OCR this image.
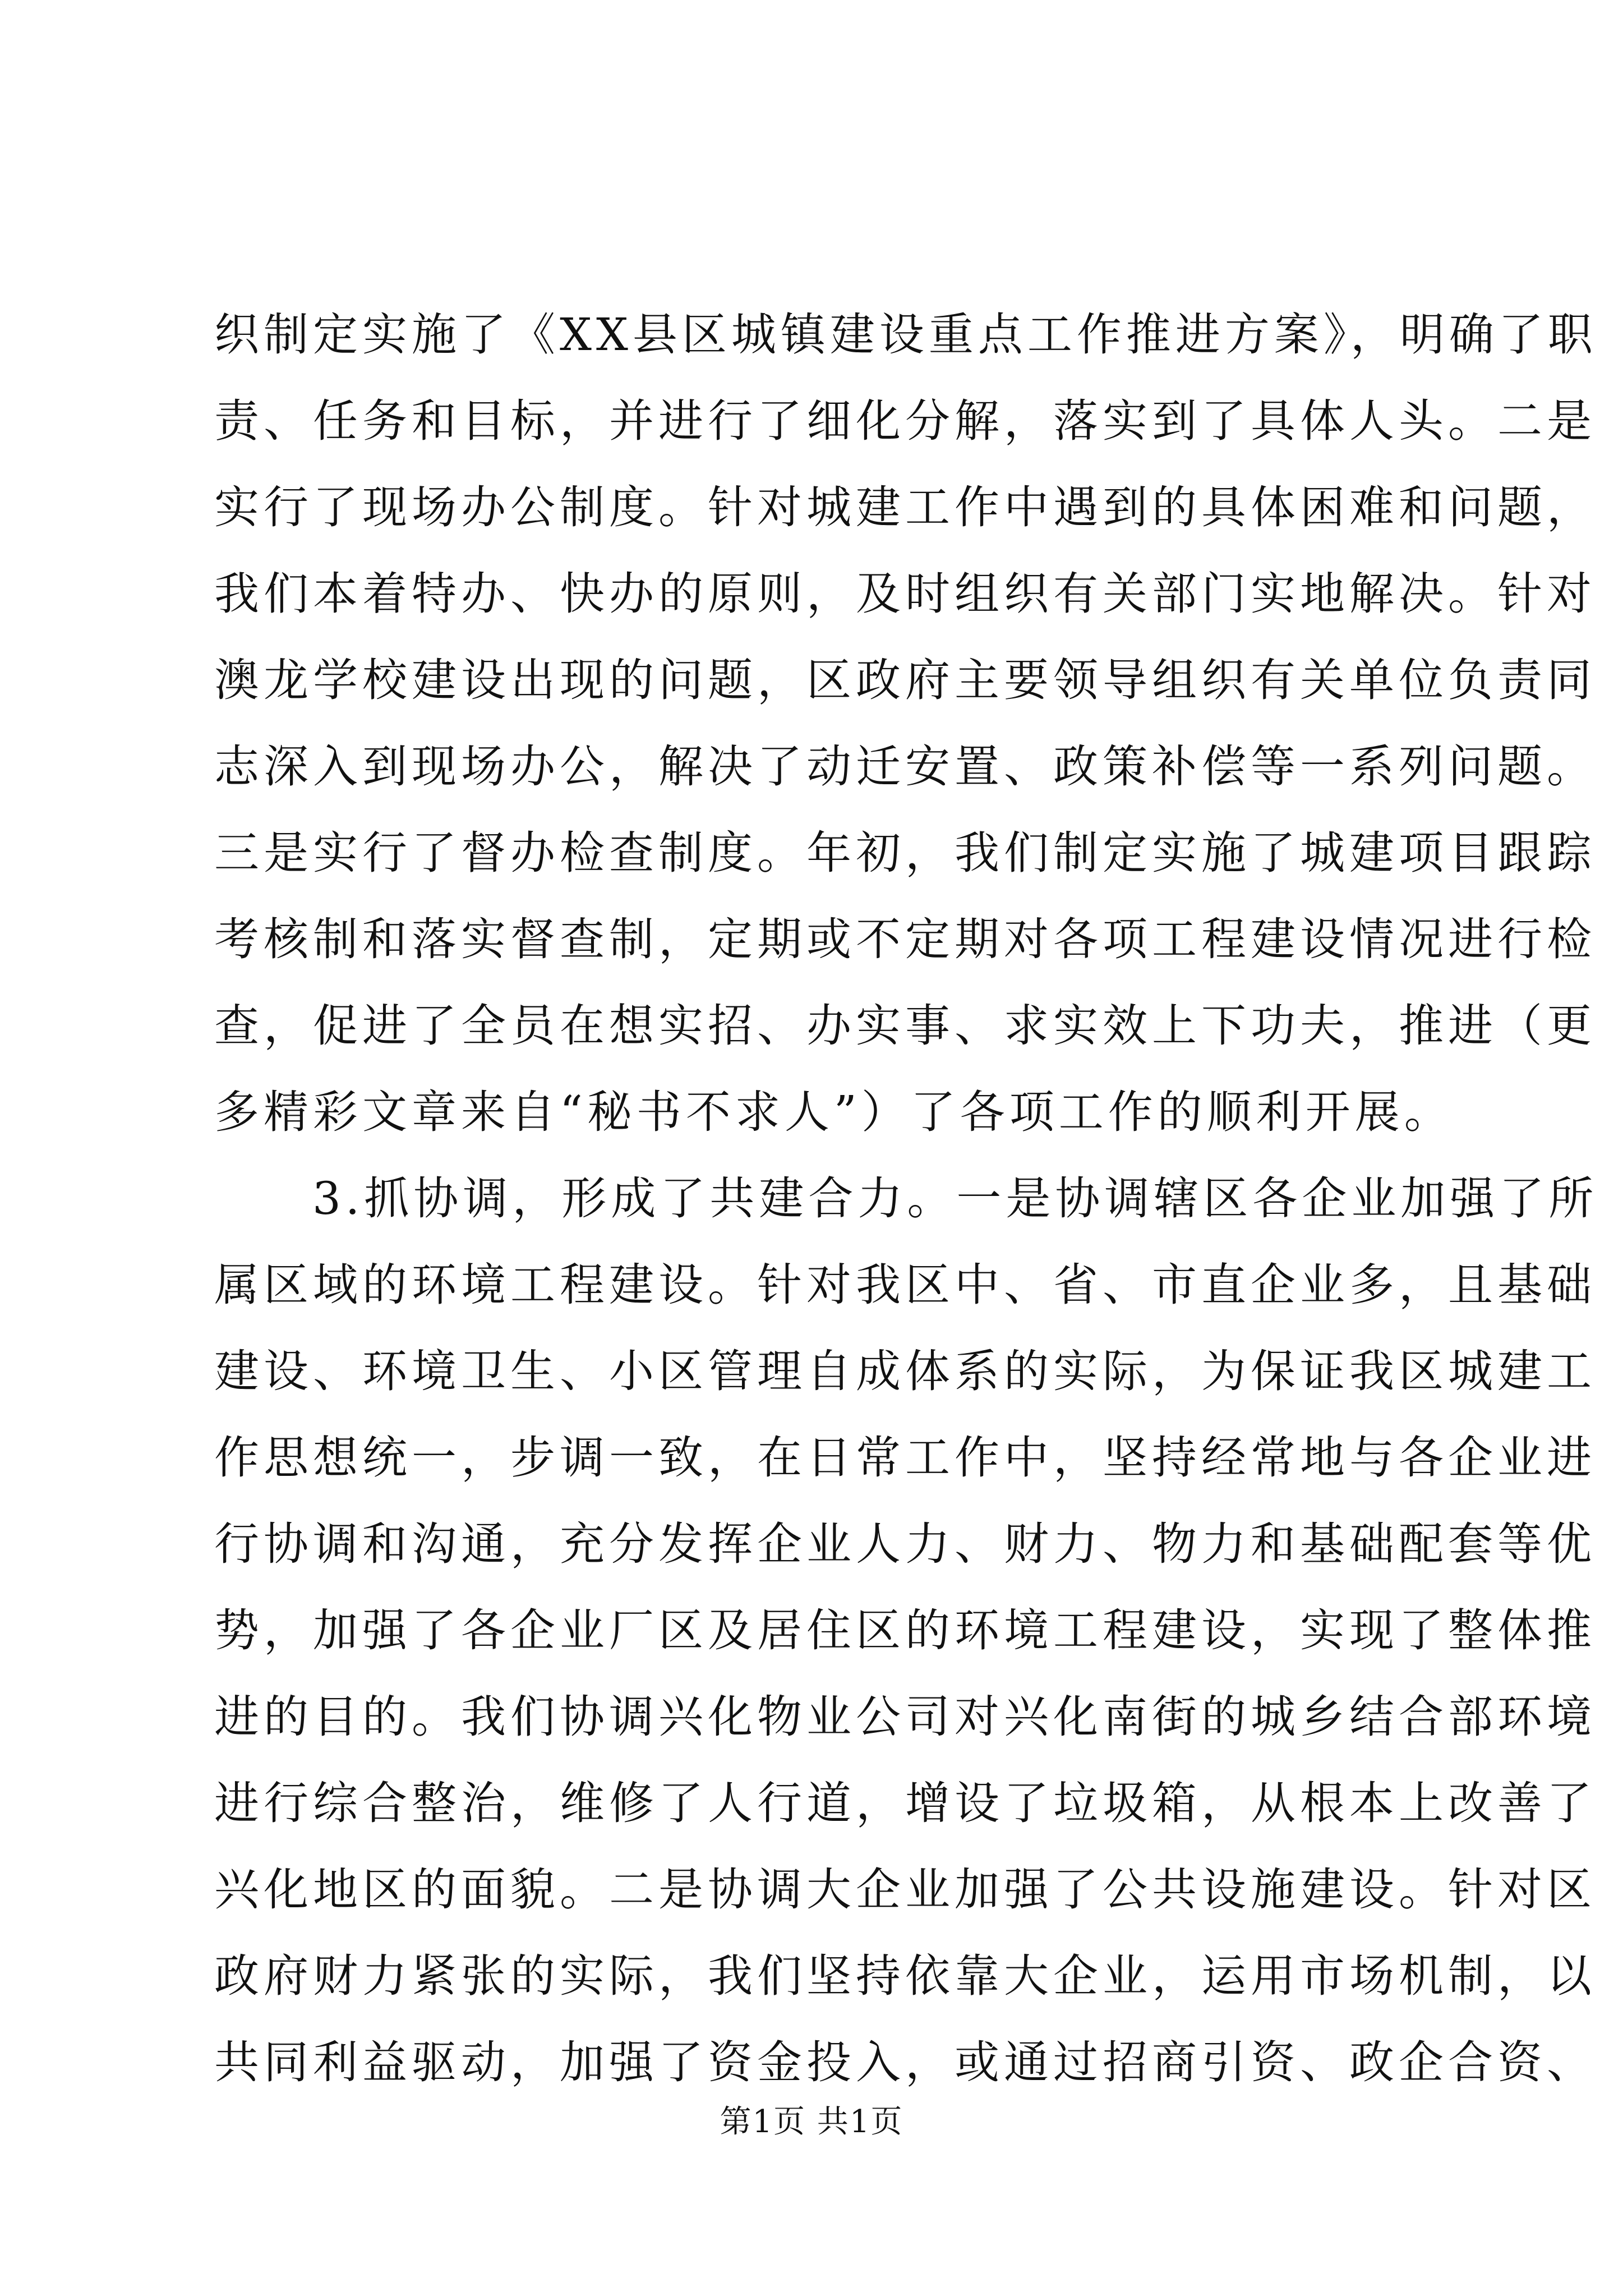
织制定实施了《XX县区城镇建设重点工作推进方案》，明确了职
责、任务和目标，并进行了细化分解，落实到了具体人头。二是
实行了现场办公制度。针对城建工作中遇到的具体困难和问题，
我们本着特办、快办的原则，及时组织有关部门实地解决。针对
澳龙学校建设出现的问题，区政府主要领导组织有关单位负责同
志深入到现场办公，解决了动迁安置、政策补偿等一系列问题。
三是实行了督办检查制度。年初，我们制定实施了城建项目跟踪
考核制和落实督查制，定期或不定期对各项工程建设情况进行检
查，促进了全员在想实招、办实事、求实效上下功夫，推进（更
多精彩文章来自“秘书不求人”）了各项工作的顺利开展。
3.抓协调，形成了共建合力。一是协调辖区各企业加强了所
属区域的环境工程建设。针对我区中、省、市直企业多，且基础
建设、环境卫生、小区管理自成体系的实际，为保证我区城建工
作思想统一，步调一致，在日常工作中，坚持经常地与各企业进
行协调和沟通，充分发挥企业人力、财力、物力和基础配套等优
势，加强了各企业厂区及居住区的环境工程建设，实现了整体推
进的目的。我们协调兴化物业公司对兴化南街的城乡结合部环境
进行综合整治，维修了人行道，增设了垃圾箱，从根本上改善了
兴化地区的面貌。二是协调大企业加强了公共设施建设。针对区
政府财力紧张的实际，我们坚持依靠大企业，运用市场机制，以
共同利益驱动，加强了资金投入，或通过招商引资、政企合资、
第1页 共1页
